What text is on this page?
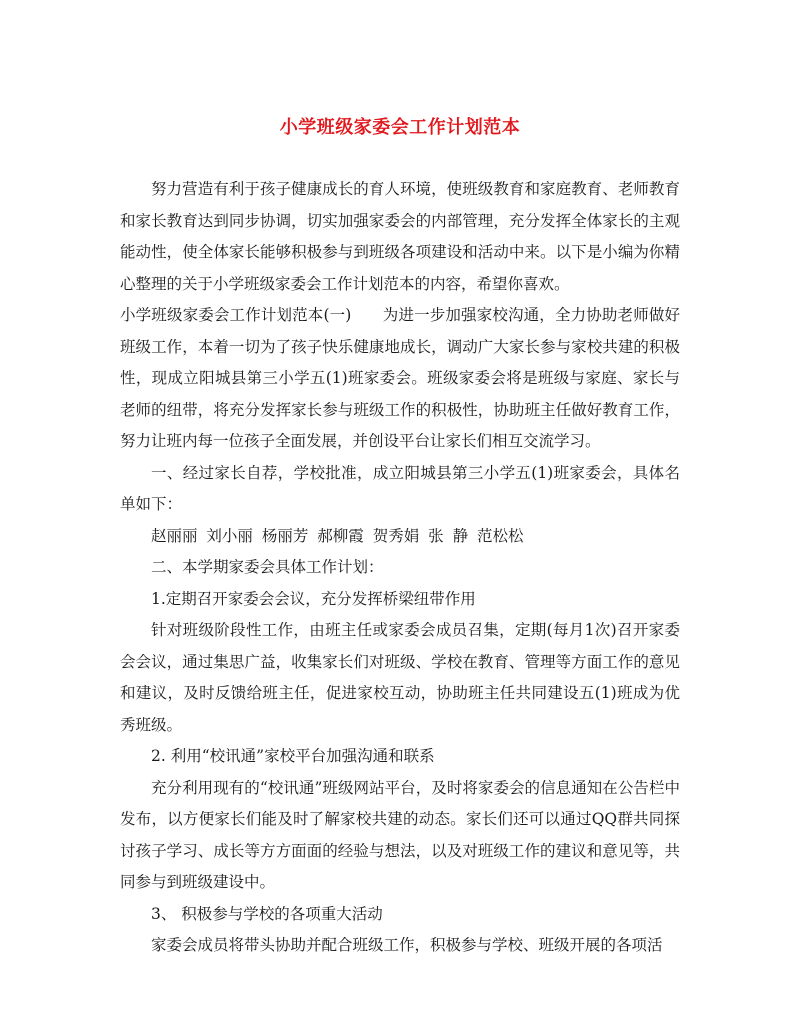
小学班级家委会工作计划范本

努力营造有利于孩子健康成长的育人环境，使班级教育和家庭教育、老师教育和家长教育达到同步协调，切实加强家委会的内部管理，充分发挥全体家长的主观能动性，使全体家长能够积极参与到班级各项建设和活动中来。以下是小编为你精心整理的关于小学班级家委会工作计划范本的内容，希望你喜欢。

小学班级家委会工作计划范本(一)　　为进一步加强家校沟通，全力协助老师做好班级工作，本着一切为了孩子快乐健康地成长，调动广大家长参与家校共建的积极性，现成立阳城县第三小学五(1)班家委会。班级家委会将是班级与家庭、家长与老师的纽带，将充分发挥家长参与班级工作的积极性，协助班主任做好教育工作，努力让班内每一位孩子全面发展，并创设平台让家长们相互交流学习。

一、经过家长自荐，学校批准，成立阳城县第三小学五(1)班家委会，具体名单如下：

赵丽丽 刘小丽 杨丽芳 郝柳霞 贺秀娟 张 静 范松松

二、本学期家委会具体工作计划：

1.定期召开家委会会议，充分发挥桥梁纽带作用

针对班级阶段性工作，由班主任或家委会成员召集，定期(每月1次)召开家委会会议，通过集思广益，收集家长们对班级、学校在教育、管理等方面工作的意见和建议，及时反馈给班主任，促进家校互动，协助班主任共同建设五(1)班成为优秀班级。

2. 利用“校讯通”家校平台加强沟通和联系

充分利用现有的“校讯通”班级网站平台，及时将家委会的信息通知在公告栏中发布，以方便家长们能及时了解家校共建的动态。家长们还可以通过QQ群共同探讨孩子学习、成长等方方面面的经验与想法，以及对班级工作的建议和意见等，共同参与到班级建设中。

3、 积极参与学校的各项重大活动

家委会成员将带头协助并配合班级工作，积极参与学校、班级开展的各项活
